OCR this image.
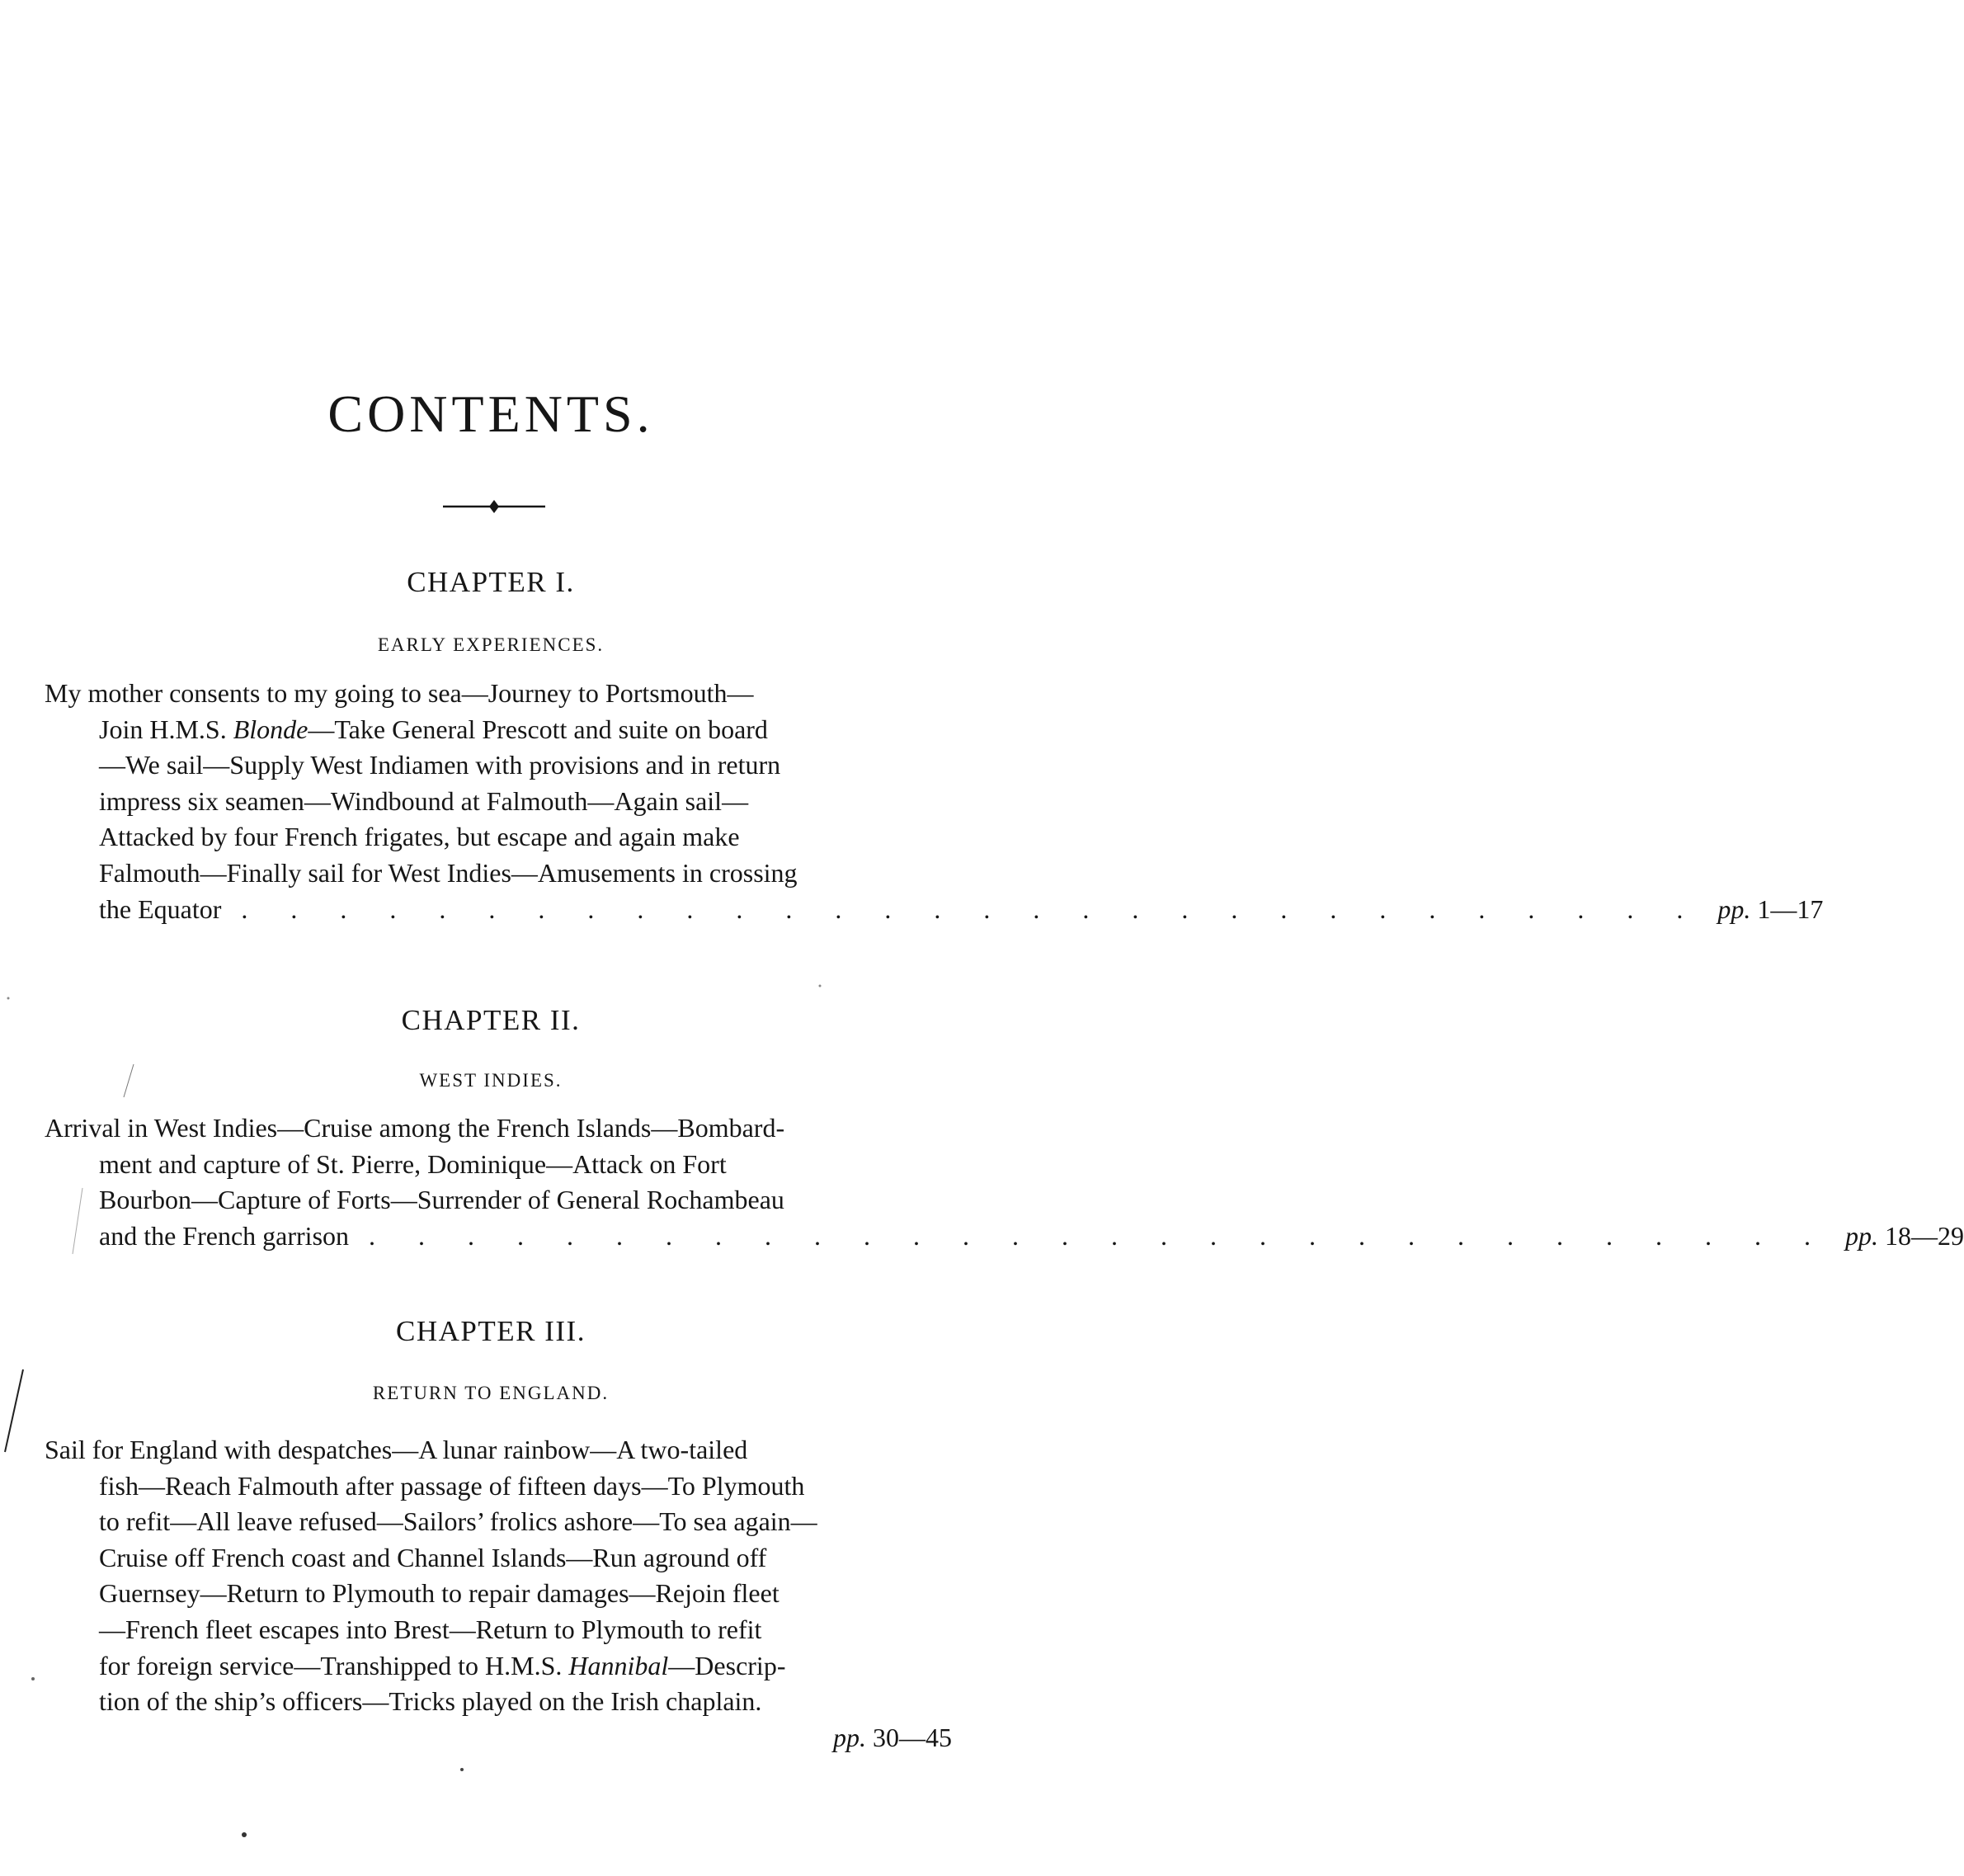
CONTENTS.
CHAPTER I.
EARLY EXPERIENCES.
My mother consents to my going to sea—Journey to Portsmouth—
Join H.M.S. Blonde—Take General Prescott and suite on board
—We sail—Supply West Indiamen with provisions and in return
impress six seamen—Windbound at Falmouth—Again sail—
Attacked by four French frigates, but escape and again make
Falmouth—Finally sail for West Indies—Amusements in crossing
the Equator . . . . . . . . . . . . . . . . . . . . . . . . . . . . . . pp. 1—17
CHAPTER II.
WEST INDIES.
Arrival in West Indies—Cruise among the French Islands—Bombard-
ment and capture of St. Pierre, Dominique—Attack on Fort
Bourbon—Capture of Forts—Surrender of General Rochambeau
and the French garrison . . . . . . . . . . . . . . . . . . . . . . . . . . . . . . pp. 18—29
CHAPTER III.
RETURN TO ENGLAND.
Sail for England with despatches—A lunar rainbow—A two-tailed
fish—Reach Falmouth after passage of fifteen days—To Plymouth
to refit—All leave refused—Sailors’ frolics ashore—To sea again—
Cruise off French coast and Channel Islands—Run aground off
Guernsey—Return to Plymouth to repair damages—Rejoin fleet
—French fleet escapes into Brest—Return to Plymouth to refit
for foreign service—Transhipped to H.M.S. Hannibal—Descrip-
tion of the ship’s officers—Tricks played on the Irish chaplain.
pp. 30—45
